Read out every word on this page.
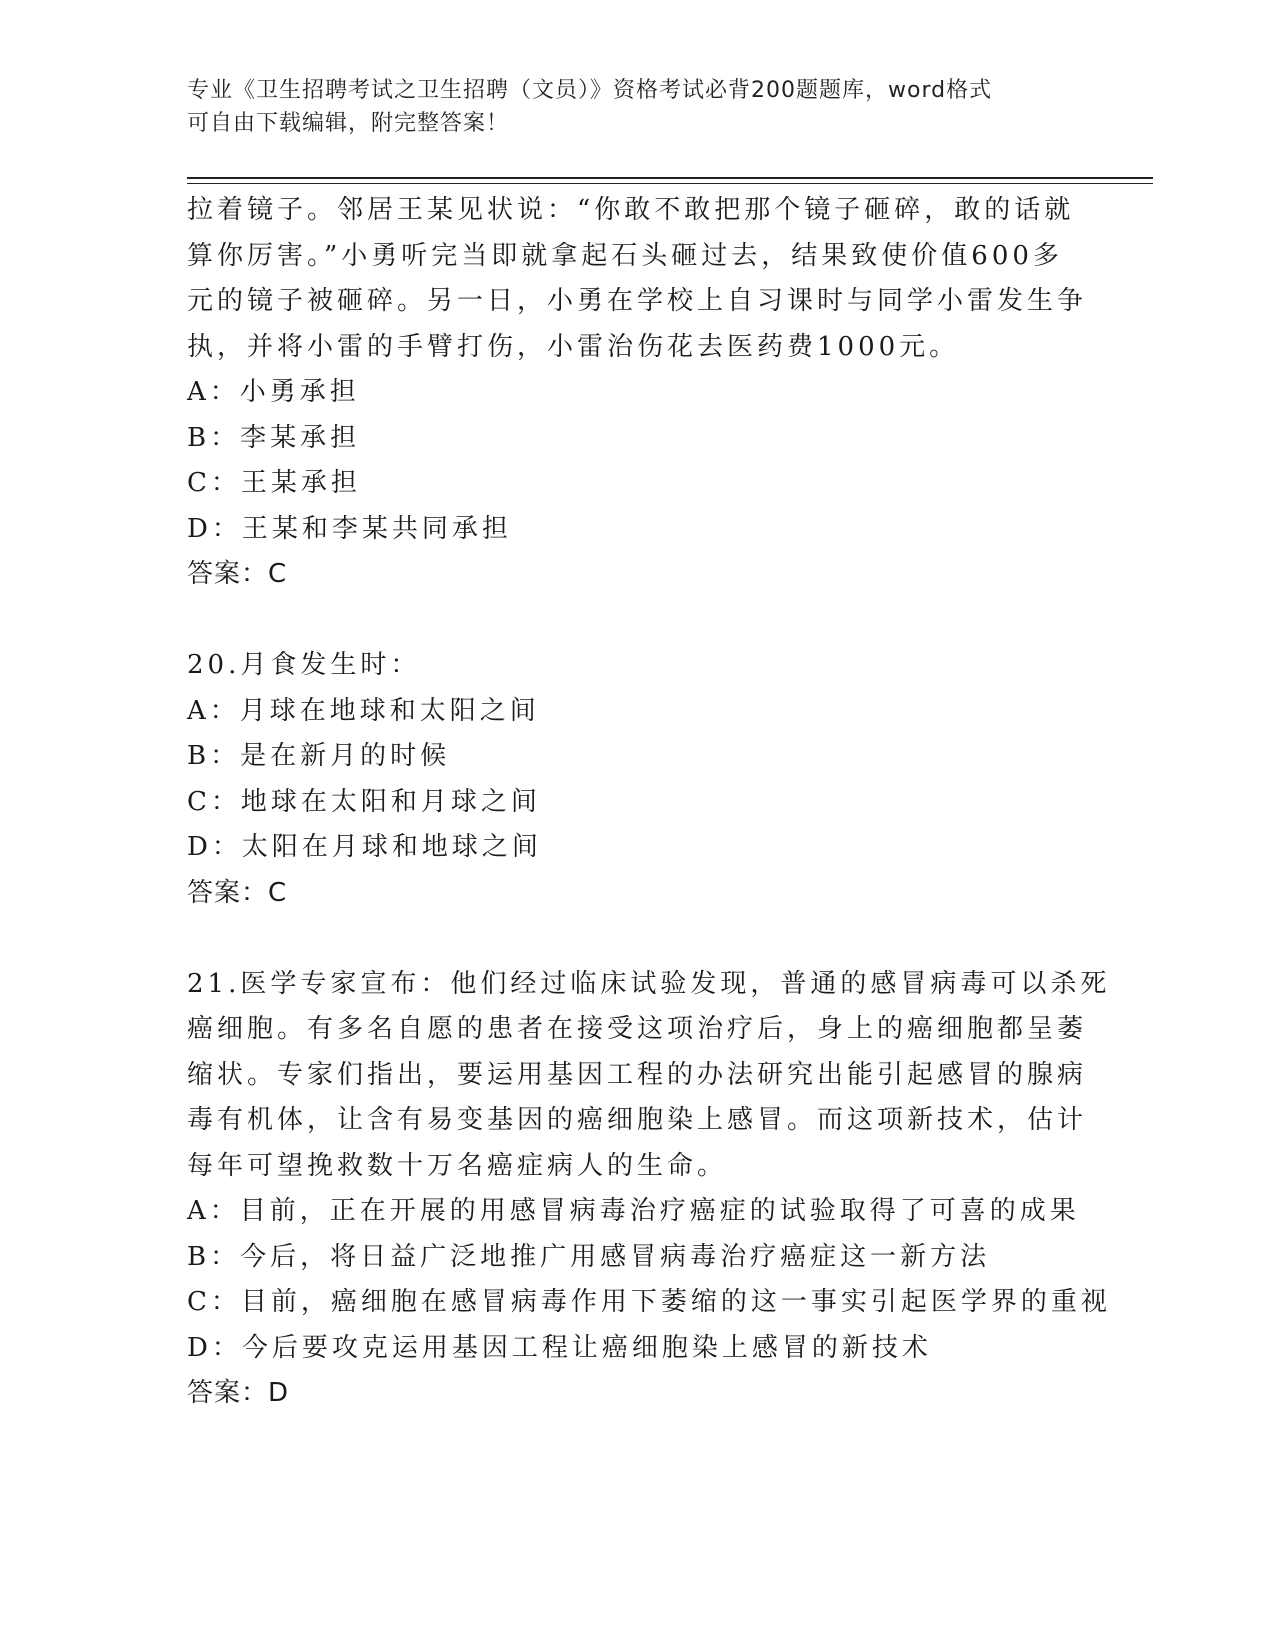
专业《卫生招聘考试之卫生招聘（文员）》资格考试必背200题题库，word格式
可自由下载编辑，附完整答案！
拉着镜子。邻居王某见状说：“你敢不敢把那个镜子砸碎，敢的话就
算你厉害。”小勇听完当即就拿起石头砸过去，结果致使价值600多
元的镜子被砸碎。另一日，小勇在学校上自习课时与同学小雷发生争
执，并将小雷的手臂打伤，小雷治伤花去医药费1000元。
A：小勇承担
B：李某承担
C：王某承担
D：王某和李某共同承担
答案：C
20.月食发生时：
A：月球在地球和太阳之间
B：是在新月的时候
C：地球在太阳和月球之间
D：太阳在月球和地球之间
答案：C
21.医学专家宣布：他们经过临床试验发现，普通的感冒病毒可以杀死
癌细胞。有多名自愿的患者在接受这项治疗后，身上的癌细胞都呈萎
缩状。专家们指出，要运用基因工程的办法研究出能引起感冒的腺病
毒有机体，让含有易变基因的癌细胞染上感冒。而这项新技术，估计
每年可望挽救数十万名癌症病人的生命。
A：目前，正在开展的用感冒病毒治疗癌症的试验取得了可喜的成果
B：今后，将日益广泛地推广用感冒病毒治疗癌症这一新方法
C：目前，癌细胞在感冒病毒作用下萎缩的这一事实引起医学界的重视
D：今后要攻克运用基因工程让癌细胞染上感冒的新技术
答案：D
